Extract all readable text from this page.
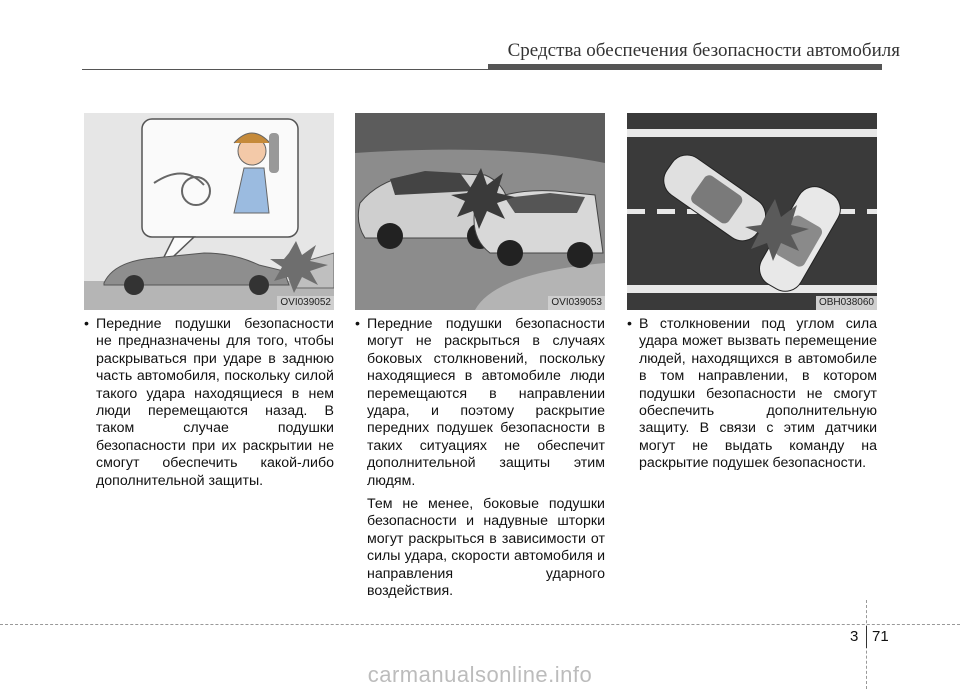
Средства обеспечения безопасности автомобиля
OVI039052	OVI039053	OBH038060
• Передние подушки безопасности не предназначены для того, чтобы раскрываться при ударе в заднюю часть автомобиля, поскольку силой такого удара находящиеся в нем люди перемещаются назад. В таком случае подушки безопасности при их раскрытии не смогут обеспечить какой-либо дополнительной защиты.
• Передние подушки безопасности могут не раскрыться в случаях боковых столкновений, поскольку находящиеся в автомобиле люди перемещаются в направлении удара, и поэтому раскрытие передних подушек безопасности в таких ситуациях не обеспечит дополнительной защиты этим людям.
Тем не менее, боковые подушки безопасности и надувные шторки могут раскрыться в зависимости от силы удара, скорости автомобиля и направления ударного воздействия.
• В столкновении под углом сила удара может вызвать перемещение людей, находящихся в автомобиле в том направлении, в котором подушки безопасности не смогут обеспечить дополнительную защиту. В связи с этим датчики могут не выдать команду на раскрытие подушек безопасности.
3 71
carmanualsonline.info
